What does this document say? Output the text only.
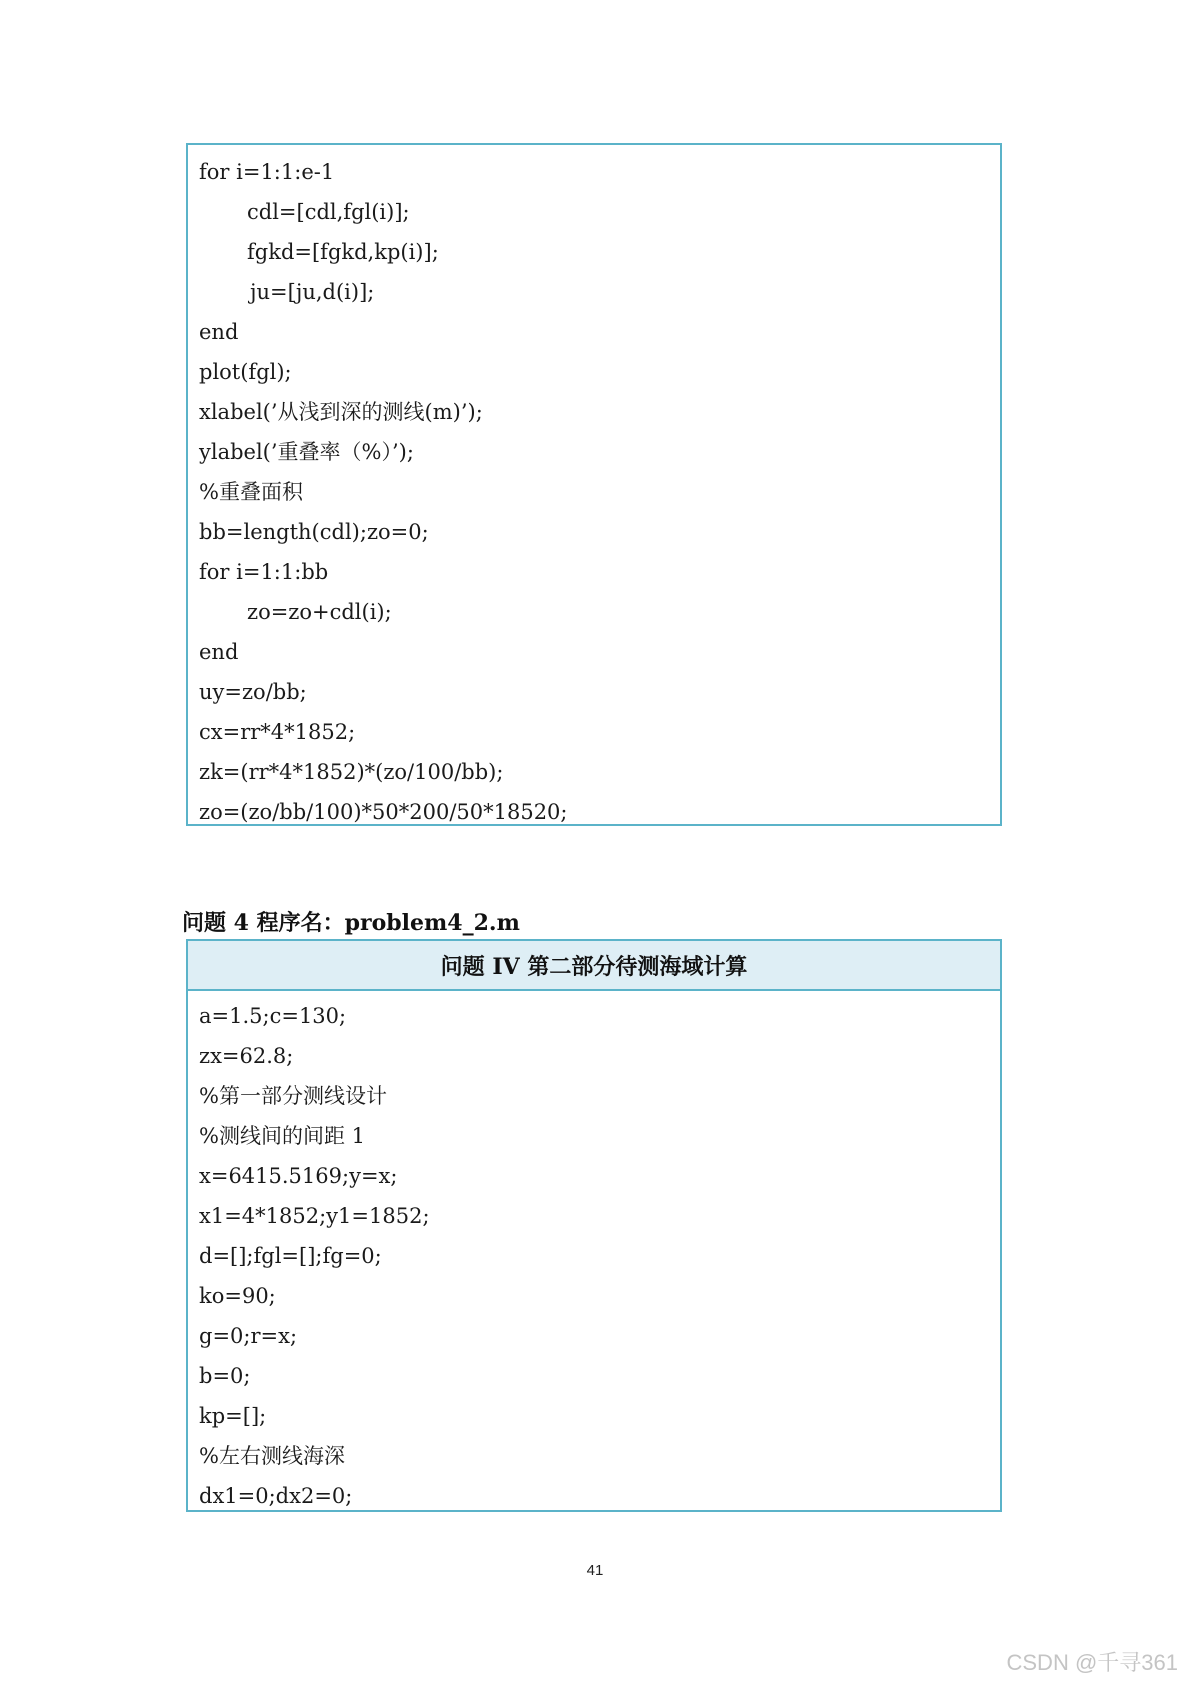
for i=1:1:e-1
cdl=[cdl,fgl(i)];
fgkd=[fgkd,kp(i)];
ju=[ju,d(i)];
end
plot(fgl);
xlabel(’从浅到深的测线(m)’);
ylabel(’重叠率（%）’);
%重叠面积
bb=length(cdl);zo=0;
for i=1:1:bb
zo=zo+cdl(i);
end
uy=zo/bb;
cx=rr*4*1852;
zk=(rr*4*1852)*(zo/100/bb);
zo=(zo/bb/100)*50*200/50*18520;
问题 4 程序名：problem4_2.m
问题 IV 第二部分待测海域计算
a=1.5;c=130;
zx=62.8;
%第一部分测线设计
%测线间的间距 1
x=6415.5169;y=x;
x1=4*1852;y1=1852;
d=[];fgl=[];fg=0;
ko=90;
g=0;r=x;
b=0;
kp=[];
%左右测线海深
dx1=0;dx2=0;
41
CSDN @千寻361
